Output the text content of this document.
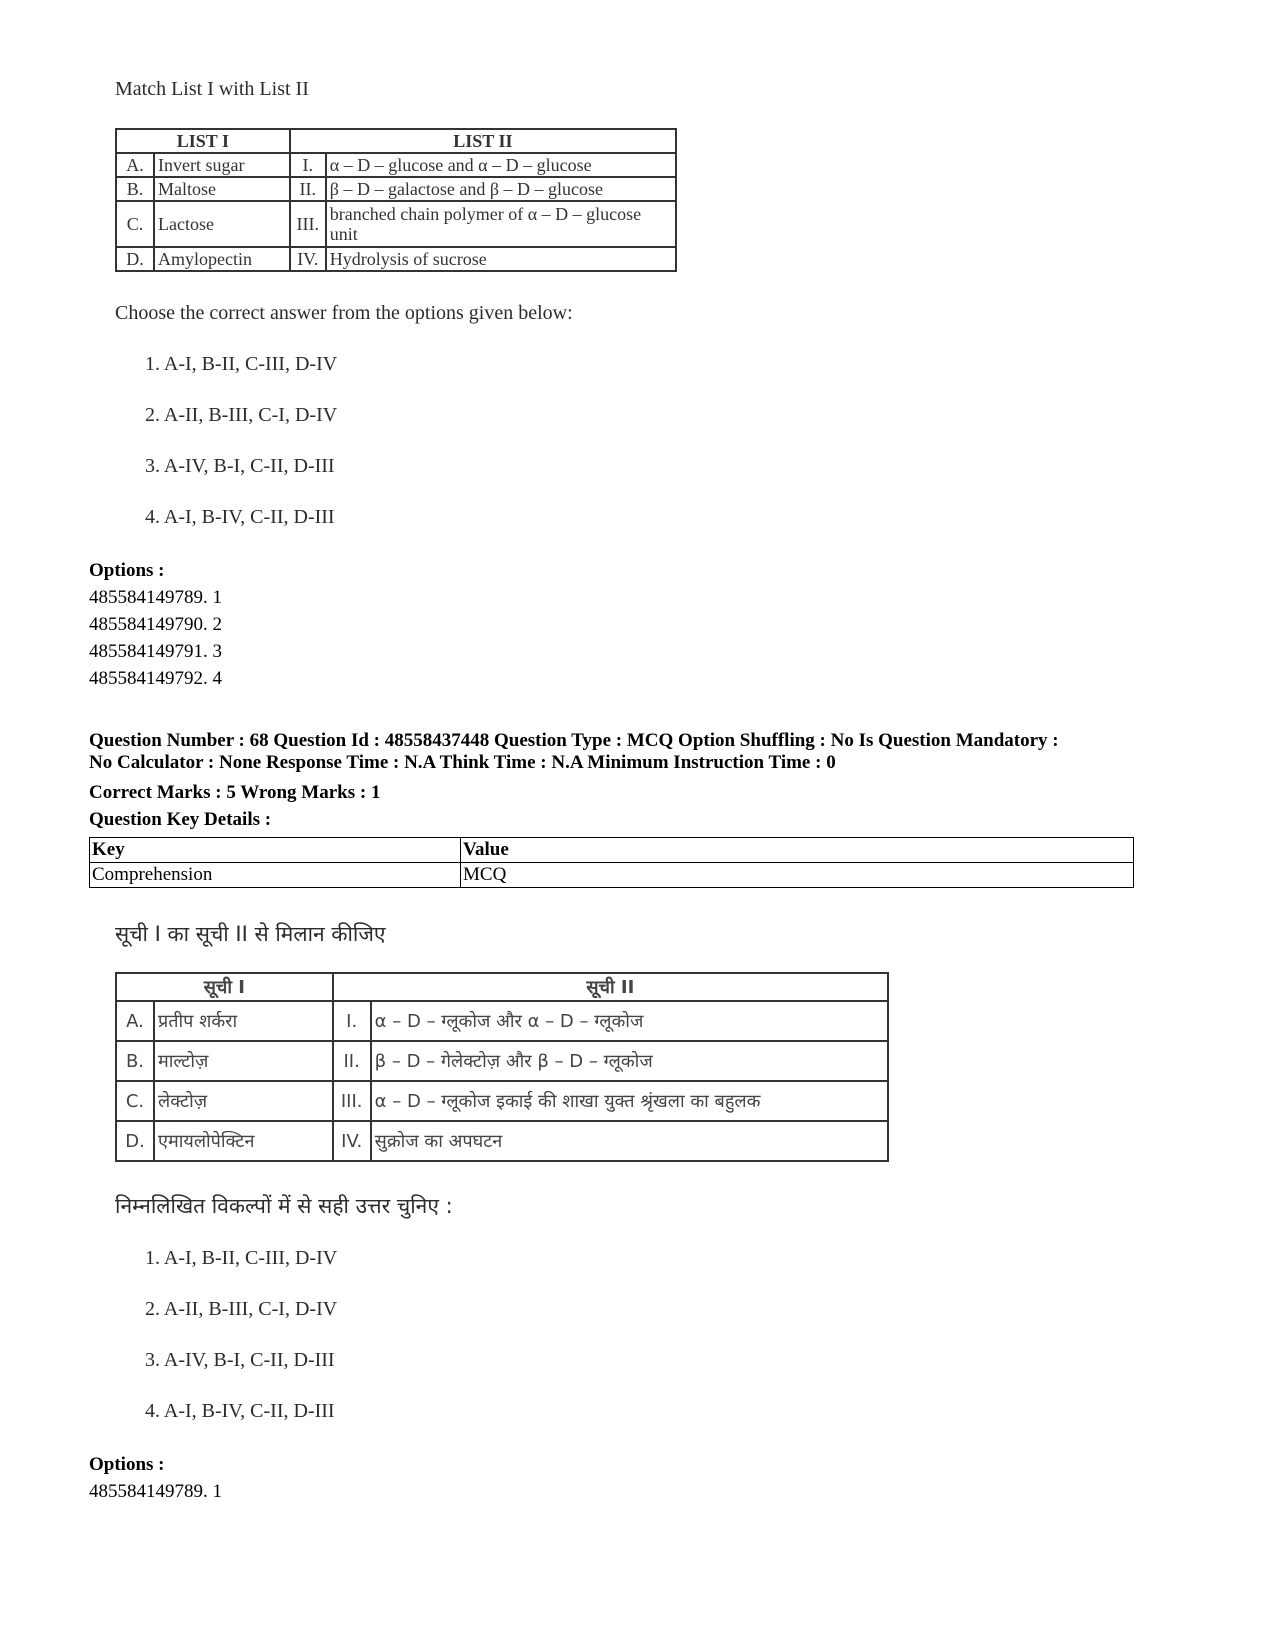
Match List I with List II
LIST I		LIST II	
A.	Invert sugar	I.	α – D – glucose and α – D – glucose
B.	Maltose	II.	β – D – galactose and β – D – glucose
C.	Lactose	III.	branched chain polymer of α – D – glucose unit
D.	Amylopectin	IV.	Hydrolysis of sucrose
Choose the correct answer from the options given below:
1. A-I, B-II, C-III, D-IV
2. A-II, B-III, C-I, D-IV
3. A-IV, B-I, C-II, D-III
4. A-I, B-IV, C-II, D-III
Options :
485584149789. 1
485584149790. 2
485584149791. 3
485584149792. 4
Question Number : 68 Question Id : 48558437448 Question Type : MCQ Option Shuffling : No Is Question Mandatory :
No Calculator : None Response Time : N.A Think Time : N.A Minimum Instruction Time : 0
Correct Marks : 5 Wrong Marks : 1
Question Key Details :
Key	Value
Comprehension	MCQ
सूची I का सूची II से मिलान कीजिए
सूची I		सूची II	
A.	प्रतीप शर्करा	I.	α – D – ग्लूकोज और α – D – ग्लूकोज
B.	माल्टोज़	II.	β – D – गेलेक्टोज़ और β – D – ग्लूकोज
C.	लेक्टोज़	III.	α – D – ग्लूकोज इकाई की शाखा युक्त श्रृंखला का बहुलक
D.	एमायलोपेक्टिन	IV.	सुक्रोज का अपघटन
निम्नलिखित विकल्पों में से सही उत्तर चुनिए :
1. A-I, B-II, C-III, D-IV
2. A-II, B-III, C-I, D-IV
3. A-IV, B-I, C-II, D-III
4. A-I, B-IV, C-II, D-III
Options :
485584149789. 1
